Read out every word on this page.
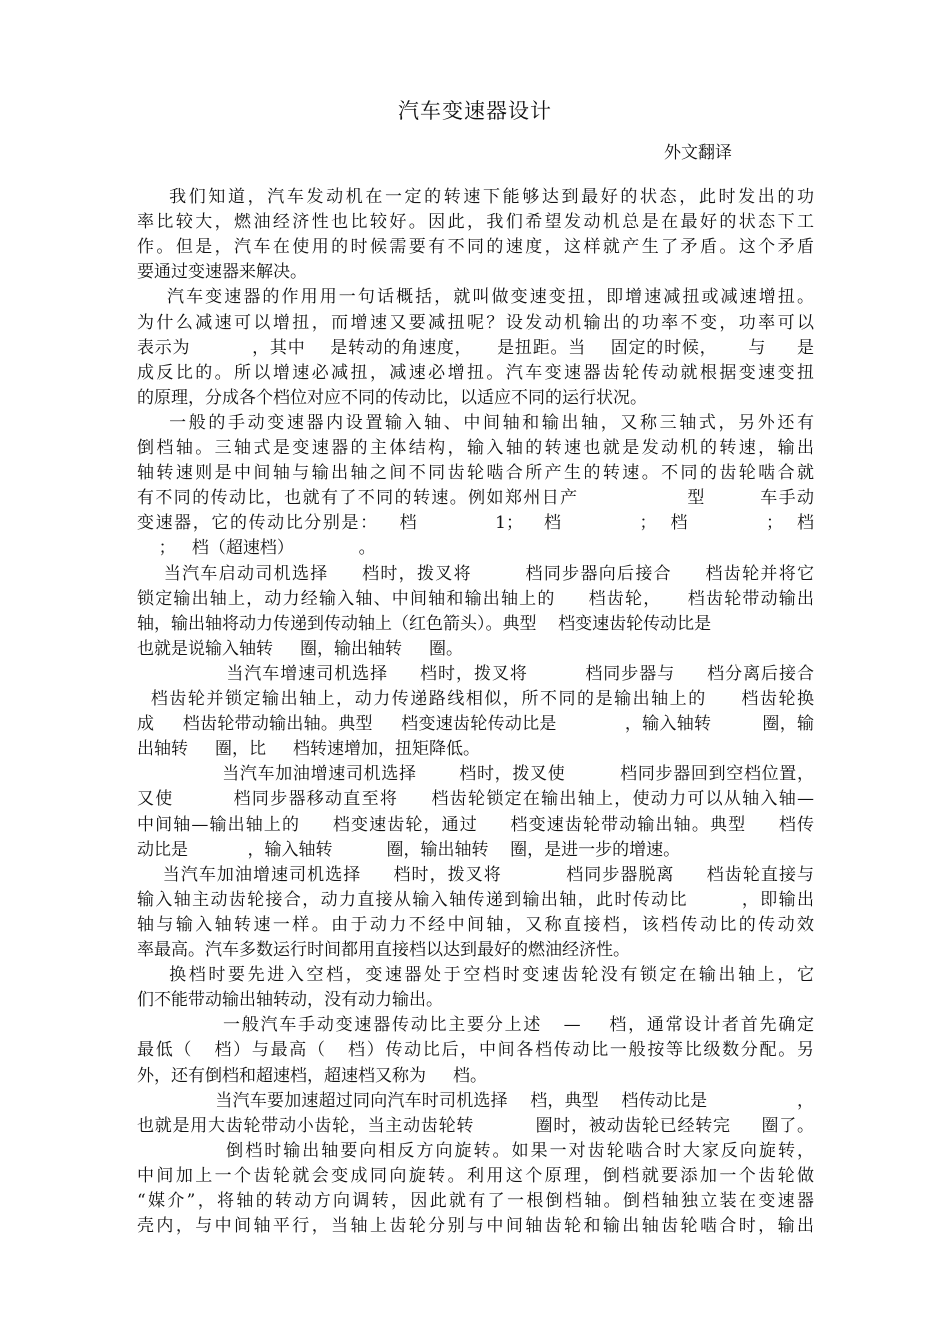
汽车变速器设计
外文翻译
我们知道，汽车发动机在一定的转速下能够达到最好的状态，此时发出的功
率比较大，燃油经济性也比较好。因此，我们希望发动机总是在最好的状态下工
作。但是，汽车在使用的时候需要有不同的速度，这样就产生了矛盾。这个矛盾
要通过变速器来解决。
汽车变速器的作用用一句话概括，就叫做变速变扭，即增速减扭或减速增扭。
为什么减速可以增扭，而增速又要减扭呢？设发动机输出的功率不变，功率可以
表示为          ，其中    是转动的角速度，    是扭距。当    固定的时候，     与     是
成反比的。所以增速必减扭，减速必增扭。汽车变速器齿轮传动就根据变速变扭
的原理，分成各个档位对应不同的传动比，以适应不同的运行状况。
一般的手动变速器内设置输入轴、中间轴和输出轴，又称三轴式，另外还有
倒档轴。三轴式是变速器的主体结构，输入轴的转速也就是发动机的转速，输出
轴转速则是中间轴与输出轴之间不同齿轮啮合所产生的转速。不同的齿轮啮合就
有不同的传动比，也就有了不同的转速。例如郑州日产                型        车手动
变速器，它的传动比分别是：   档           1；   档           ；  档           ；  档
；   档（超速档）            。
当汽车启动司机选择     档时，拨叉将        档同步器向后接合     档齿轮并将它
锁定输出轴上，动力经输入轴、中间轴和输出轴上的     档齿轮，    档齿轮带动输出
轴，输出轴将动力传递到传动轴上（红色箭头）。典型    档变速齿轮传动比是
也就是说输入轴转     圈，输出轴转     圈。
当汽车增速司机选择     档时，拨叉将         档同步器与     档分离后接合
档齿轮并锁定输出轴上，动力传递路线相似，所不同的是输出轴上的     档齿轮换
成     档齿轮带动输出轴。典型     档变速齿轮传动比是            ，输入轴转         圈，输
出轴转     圈，比     档转速增加，扭矩降低。
当汽车加油增速司机选择       档时，拨叉使         档同步器回到空档位置，
又使         档同步器移动直至将     档齿轮锁定在输出轴上，使动力可以从轴入轴—
中间轴—输出轴上的     档变速齿轮，通过     档变速齿轮带动输出轴。典型     档传
动比是           ，输入轴转          圈，输出轴转    圈，是进一步的增速。
当汽车加油增速司机选择     档时，拨叉将          档同步器脱离     档齿轮直接与
输入轴主动齿轮接合，动力直接从输入轴传递到输出轴，此时传动比        ，即输出
轴与输入轴转速一样。由于动力不经中间轴，又称直接档，该档传动比的传动效
率最高。汽车多数运行时间都用直接档以达到最好的燃油经济性。
换档时要先进入空档，变速器处于空档时变速齿轮没有锁定在输出轴上，它
们不能带动输出轴转动，没有动力输出。
一般汽车手动变速器传动比主要分上述   —    档，通常设计者首先确定
最低（   档）与最高（   档）传动比后，中间各档传动比一般按等比级数分配。另
外，还有倒档和超速档，超速档又称为     档。
当汽车要加速超过同向汽车时司机选择    档，典型    档传动比是                ，
也就是用大齿轮带动小齿轮，当主动齿轮转          圈时，被动齿轮已经转完     圈了。
倒档时输出轴要向相反方向旋转。如果一对齿轮啮合时大家反向旋转，
中间加上一个齿轮就会变成同向旋转。利用这个原理，倒档就要添加一个齿轮做
“媒介”，将轴的转动方向调转，因此就有了一根倒档轴。倒档轴独立装在变速器
壳内，与中间轴平行，当轴上齿轮分别与中间轴齿轮和输出轴齿轮啮合时，输出
